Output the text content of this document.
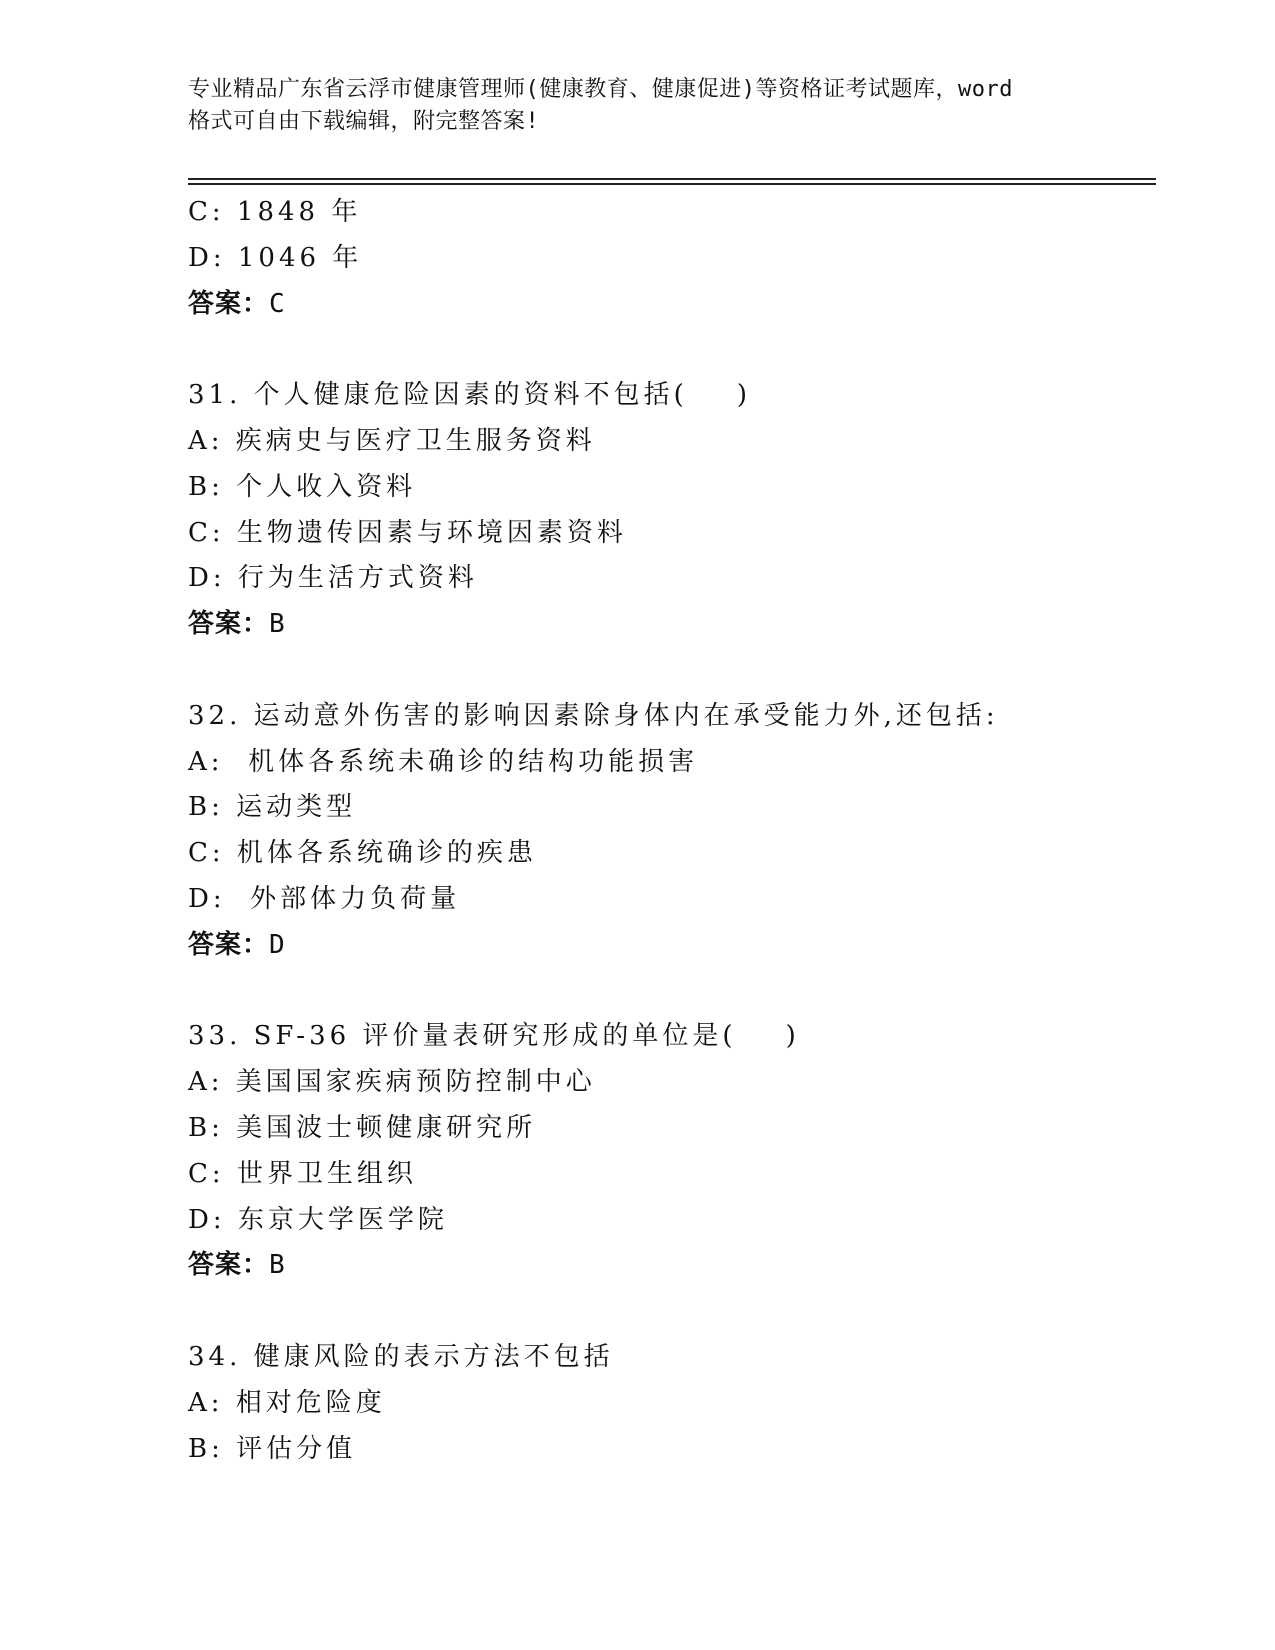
专业精品广东省云浮市健康管理师(健康教育、健康促进)等资格证考试题库，word
格式可自由下载编辑，附完整答案!
C: 1848 年
D: 1046 年
答案：C
31. 个人健康危险因素的资料不包括(    )
A: 疾病史与医疗卫生服务资料
B: 个人收入资料
C: 生物遗传因素与环境因素资料
D: 行为生活方式资料
答案：B
32. 运动意外伤害的影响因素除身体内在承受能力外,还包括:
A:  机体各系统未确诊的结构功能损害
B: 运动类型
C: 机体各系统确诊的疾患
D:  外部体力负荷量
答案：D
33. SF-36 评价量表研究形成的单位是(    )
A: 美国国家疾病预防控制中心
B: 美国波士顿健康研究所
C: 世界卫生组织
D: 东京大学医学院
答案：B
34. 健康风险的表示方法不包括
A: 相对危险度
B: 评估分值
